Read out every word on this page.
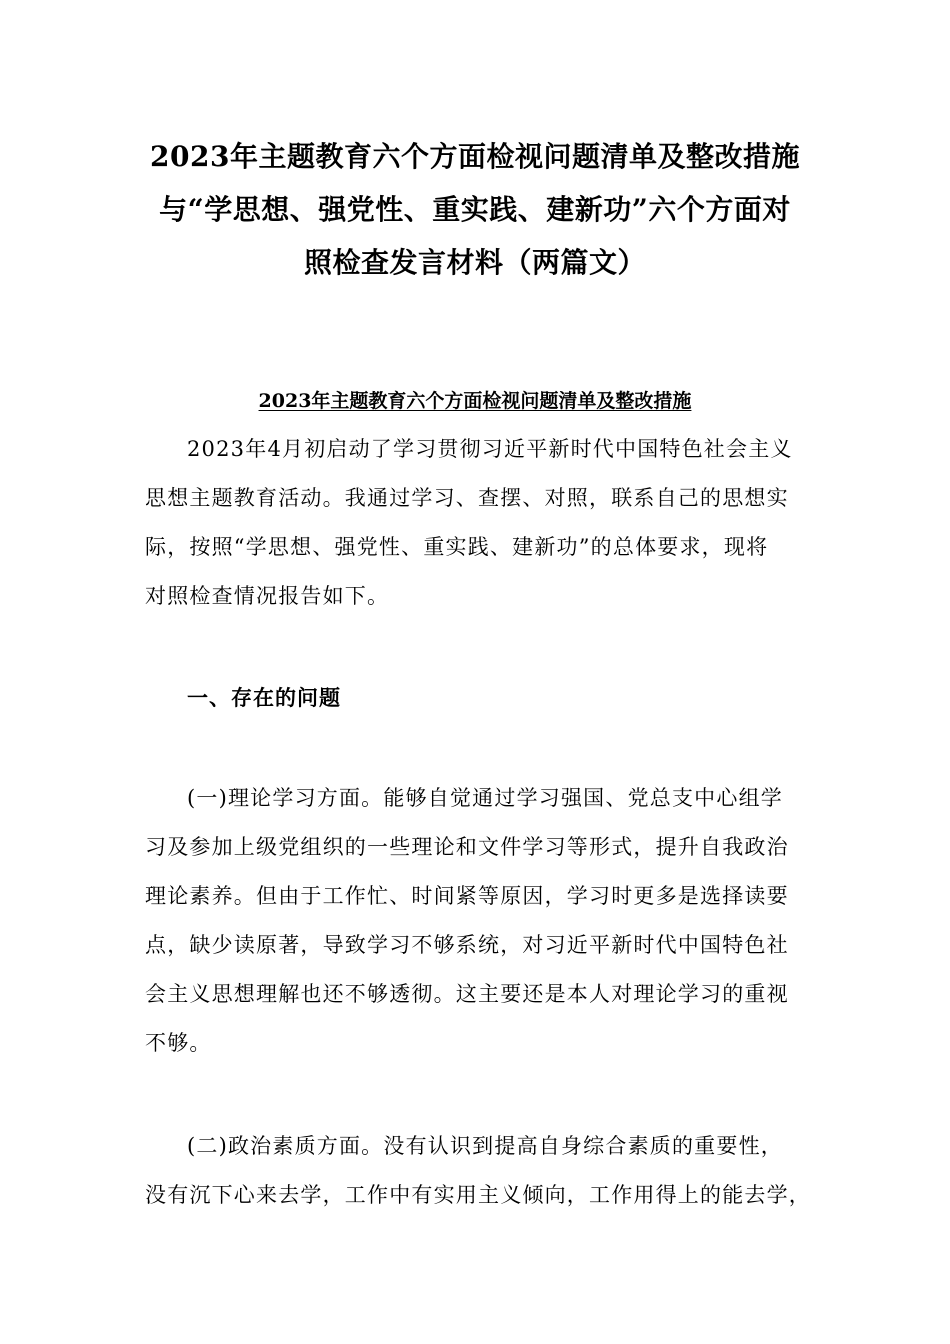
2023年主题教育六个方面检视问题清单及整改措施
与“学思想、强党性、重实践、建新功”六个方面对
照检查发言材料（两篇文）
2023年主题教育六个方面检视问题清单及整改措施
2023年4月初启动了学习贯彻习近平新时代中国特色社会主义
思想主题教育活动。我通过学习、查摆、对照，联系自己的思想实
际，按照“学思想、强党性、重实践、建新功”的总体要求，现将
对照检查情况报告如下。
一、存在的问题
(一)理论学习方面。能够自觉通过学习强国、党总支中心组学
习及参加上级党组织的一些理论和文件学习等形式，提升自我政治
理论素养。但由于工作忙、时间紧等原因，学习时更多是选择读要
点，缺少读原著，导致学习不够系统，对习近平新时代中国特色社
会主义思想理解也还不够透彻。这主要还是本人对理论学习的重视
不够。
(二)政治素质方面。没有认识到提高自身综合素质的重要性，
没有沉下心来去学，工作中有实用主义倾向，工作用得上的能去学，
